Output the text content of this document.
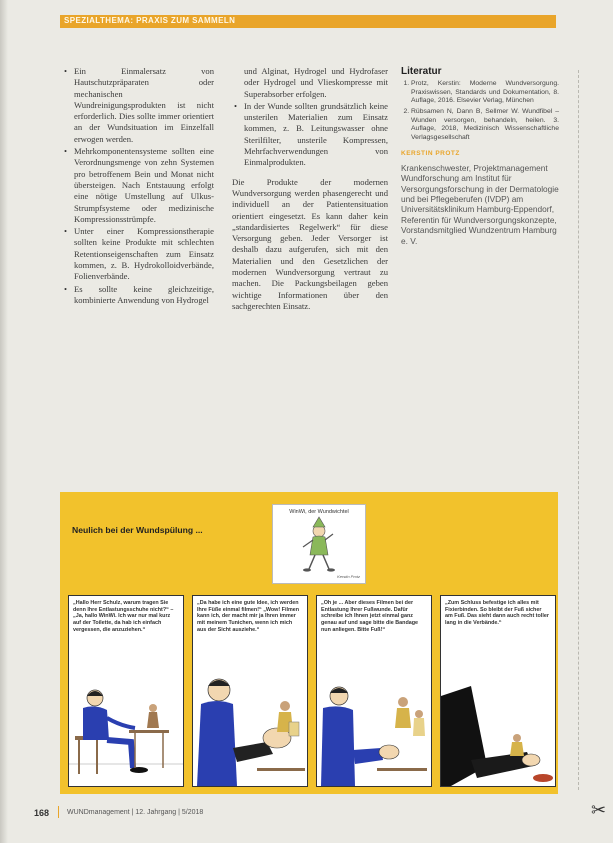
SPEZIALTHEMA: PRAXIS ZUM SAMMELN
• Ein Einmalersatz von Hautschutzpräparaten oder mechanischen Wundreinigungsprodukten ist nicht erforderlich. Dies sollte immer orientiert an der Wundsituation im Einzelfall erwogen werden.
• Mehrkomponentensysteme sollten eine Verordnungsmenge von zehn Systemen pro betroffenem Bein und Monat nicht übersteigen. Nach Entstauung erfolgt eine nötige Umstellung auf Ulkus-Strumpfsysteme oder medizinische Kompressionsstrümpfe.
• Unter einer Kompressionstherapie sollten keine Produkte mit schlechten Retentionseigenschaften zum Einsatz kommen, z. B. Hydrokolloidverbände, Folienverbände.
• Es sollte keine gleichzeitige, kombinierte Anwendung von Hydrogel
und Alginat, Hydrogel und Hydrofaser oder Hydrogel und Vlieskompresse mit Superabsorber erfolgen.
• In der Wunde sollten grundsätzlich keine unsterilen Materialien zum Einsatz kommen, z. B. Leitungswasser ohne Sterilfilter, unsterile Kompressen, Mehrfachverwendungen von Einmalprodukten.

Die Produkte der modernen Wundversorgung werden phasengerecht und individuell an der Patientensituation orientiert eingesetzt. Es kann daher kein „standardisiertes Regelwerk“ für diese Versorgung geben. Jeder Versorger ist deshalb dazu aufgerufen, sich mit den Materialien und den Gesetzlichen der modernen Wundversorgung vertraut zu machen. Die Packungsbeilagen geben wichtige Informationen über den sachgerechten Einsatz.

Literatur
1. Protz, Kerstin: Moderne Wundversorgung. Praxiswissen, Standards und Dokumentation, 8. Auflage, 2016. Elsevier Verlag, München
2. Rübsamen N, Dann B, Sellmer W. Wundfibel – Wunden versorgen, behandeln, heilen. 3. Auflage, 2018, Medizinisch Wissenschaftliche Verlagsgesellschaft
KERSTIN PROTZ
Krankenschwester, Projektmanagement Wundforschung am Institut für Versorgungsforschung in der Dermatologie und bei Pflegeberufen (IVDP) am Universitätsklinikum Hamburg-Eppendorf, Referentin für Wundversorgungskonzepte, Vorstandsmitglied Wundzentrum Hamburg e. V.
Neulich bei der Wundspülung ...
WinWi, der Wundwichtel
Kerstin Protz
„Hallo Herr Schulz, warum tragen Sie denn Ihre Entlastungsschuhe nicht?“ – „Ja, hallo WinWi. Ich war nur mal kurz auf der Toilette, da hab ich einfach vergessen, die anzuziehen.“
„Da habe ich eine gute Idee, ich werden Ihre Füße einmal filmen!“ „Wow! Filmen kann ich, der macht mir ja Ihren immer mit meinem Tunichen, wenn ich mich aus der Sicht ausziehe.“
„Oh je ... Aber dieses Filmen bei der Entlastung Ihrer Fußwunde. Dafür schreibe ich Ihnen jetzt einmal ganz genau auf und sage bitte die Bandage nun anliegen. Bitte Fuß!“
„Zum Schluss befestige ich alles mit Fixierbinden. So bleibt der Fuß sicher am Fuß. Das sieht dann auch recht toller lang in die Verbände.“
168	WUNDmanagement | 12. Jahrgang | 5/2018	✂
